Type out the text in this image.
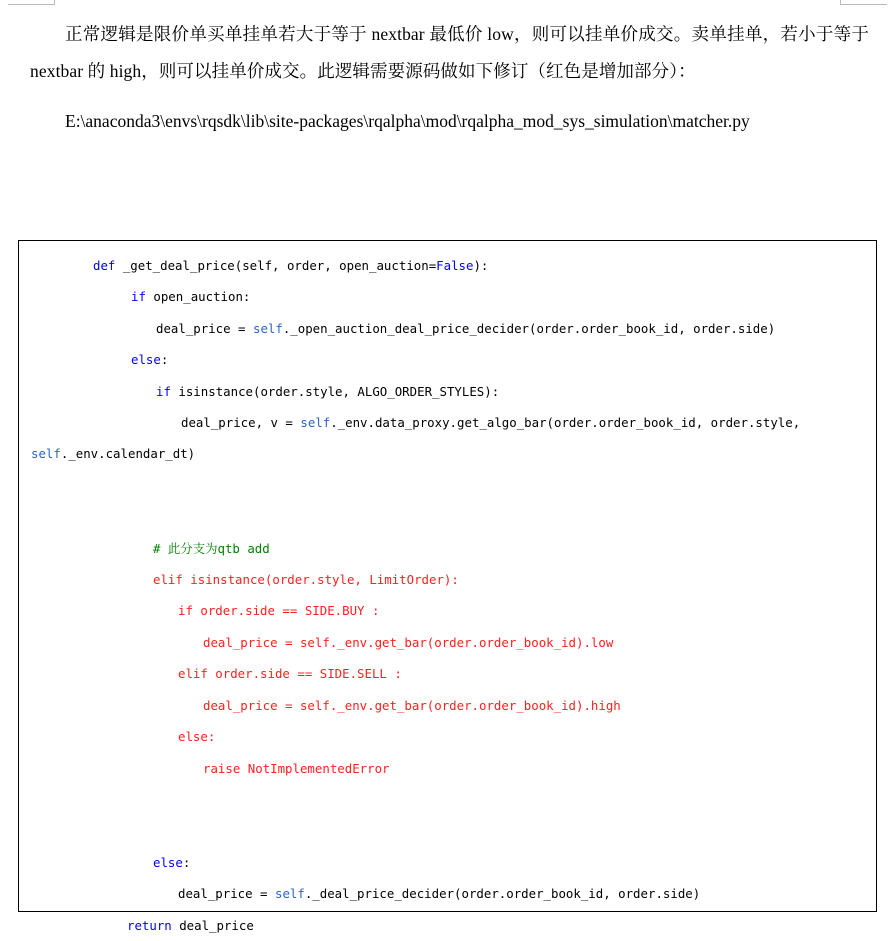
正常逻辑是限价单买单挂单若大于等于 nextbar 最低价 low，则可以挂单价成交。卖单挂单，若小于等于 nextbar 的 high，则可以挂单价成交。此逻辑需要源码做如下修订（红色是增加部分）：

E:\anaconda3\envs\rqsdk\lib\site-packages\rqalpha\mod\rqalpha_mod_sys_simulation\matcher.py

def _get_deal_price(self, order, open_auction=False):
if open_auction:
deal_price = self._open_auction_deal_price_decider(order.order_book_id, order.side)
else:
if isinstance(order.style, ALGO_ORDER_STYLES):
deal_price, v = self._env.data_proxy.get_algo_bar(order.order_book_id, order.style,
self._env.calendar_dt)

# 此分支为qtb add
elif isinstance(order.style, LimitOrder):
if order.side == SIDE.BUY :
deal_price = self._env.get_bar(order.order_book_id).low
elif order.side == SIDE.SELL :
deal_price = self._env.get_bar(order.order_book_id).high
else:
raise NotImplementedError

else:
deal_price = self._deal_price_decider(order.order_book_id, order.side)
return deal_price
